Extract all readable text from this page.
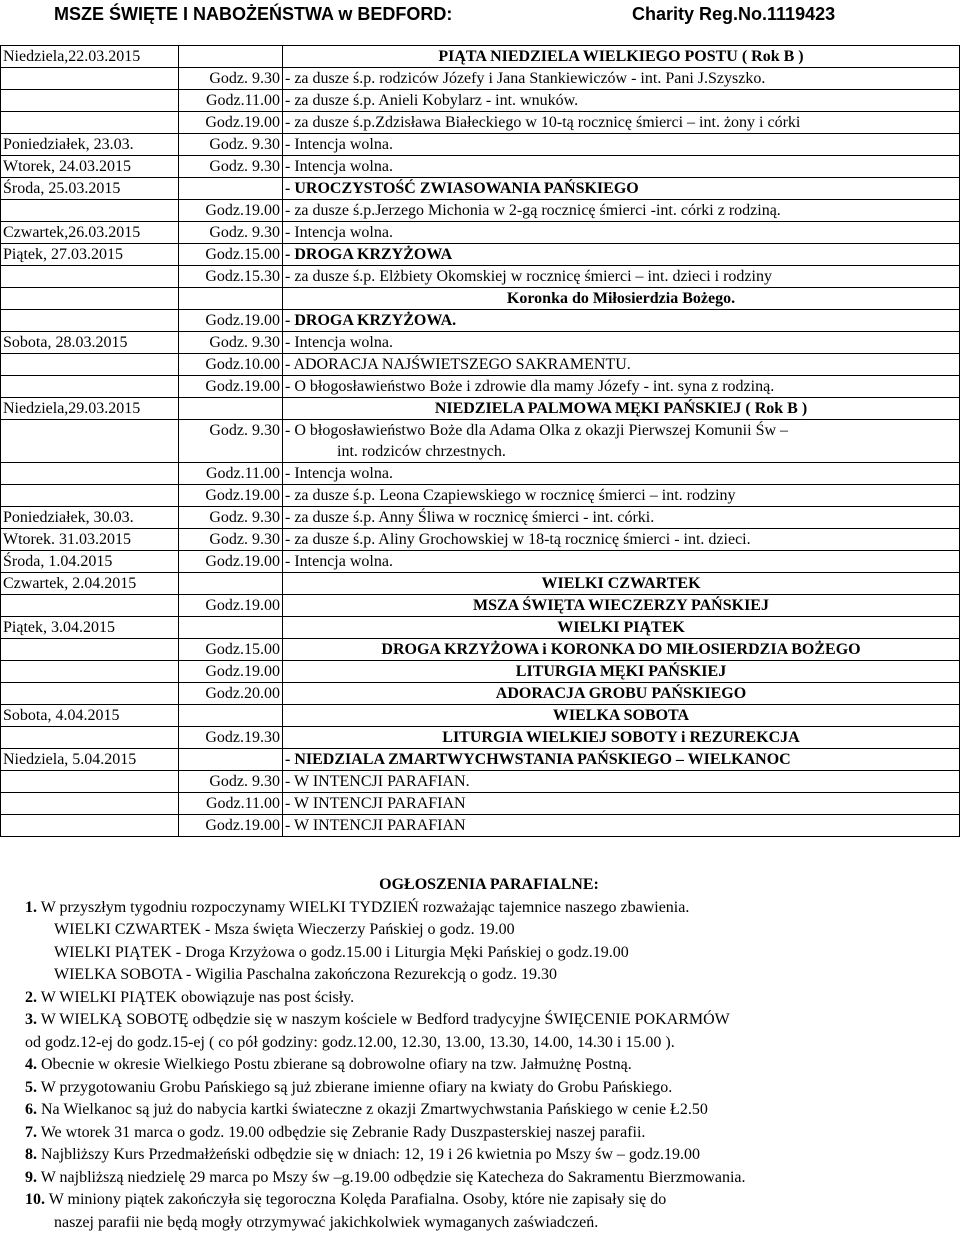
MSZE ŚWIĘTE I NABOŻEŃSTWA w BEDFORD:	Charity Reg.No.1119423
Niedziela,22.03.2015		PIĄTA NIEDZIELA WIELKIEGO POSTU ( Rok B )

	Godz. 9.30	- za dusze ś.p. rodziców Józefy i Jana Stankiewiczów - int. Pani J.Szyszko.
	Godz.11.00	- za dusze ś.p. Anieli Kobylarz - int. wnuków.
	Godz.19.00	- za dusze ś.p.Zdzisława Białeckiego w 10-tą rocznicę śmierci – int. żony i córki
Poniedziałek, 23.03.	Godz. 9.30	- Intencja wolna.
Wtorek, 24.03.2015	Godz. 9.30	- Intencja wolna.
Środa, 25.03.2015		- UROCZYSTOŚĆ ZWIASOWANIA PAŃSKIEGO
	Godz.19.00	- za dusze ś.p.Jerzego Michonia w 2-gą rocznicę śmierci -int. córki z rodziną.
Czwartek,26.03.2015	Godz. 9.30	- Intencja wolna.
Piątek, 27.03.2015	Godz.15.00	- DROGA KRZYŻOWA
	Godz.15.30	- za dusze ś.p. Elżbiety Okomskiej w rocznicę śmierci – int. dzieci i rodziny

		Koronka do Miłosierdzia Bożego.

	Godz.19.00	- DROGA KRZYŻOWA.
Sobota, 28.03.2015	Godz. 9.30	- Intencja wolna.
	Godz.10.00	- ADORACJA NAJŚWIETSZEGO SAKRAMENTU.
	Godz.19.00	- O błogosławieństwo Boże i zdrowie dla mamy Józefy - int. syna z rodziną.
Niedziela,29.03.2015		NIEDZIELA PALMOWA MĘKI PAŃSKIEJ ( Rok B )

	Godz. 9.30	- O błogosławieństwo Boże dla Adama Olka z okazji Pierwszej Komunii Św –
int. rodziców chrzestnych.

	Godz.11.00	- Intencja wolna.
	Godz.19.00	- za dusze ś.p. Leona Czapiewskiego w rocznicę śmierci – int. rodziny
Poniedziałek, 30.03.	Godz. 9.30	- za dusze ś.p. Anny Śliwa w rocznicę śmierci - int. córki.
Wtorek. 31.03.2015	Godz. 9.30	- za dusze ś.p. Aliny Grochowskiej w 18-tą rocznicę śmierci - int. dzieci.
Środa, 1.04.2015	Godz.19.00	- Intencja wolna.
Czwartek, 2.04.2015		WIELKI CZWARTEK

	Godz.19.00	MSZA ŚWIĘTA WIECZERZY PAŃSKIEJ

Piątek, 3.04.2015		WIELKI PIĄTEK

	Godz.15.00	DROGA KRZYŻOWA i KORONKA DO MIŁOSIERDZIA BOŻEGO

	Godz.19.00	LITURGIA MĘKI PAŃSKIEJ

	Godz.20.00	ADORACJA GROBU PAŃSKIEGO

Sobota, 4.04.2015		WIELKA SOBOTA

	Godz.19.30	LITURGIA WIELKIEJ SOBOTY i REZUREKCJA

Niedziela, 5.04.2015		- NIEDZIALA ZMARTWYCHWSTANIA PAŃSKIEGO – WIELKANOC
	Godz. 9.30	- W INTENCJI PARAFIAN.
	Godz.11.00	- W INTENCJI PARAFIAN
	Godz.19.00	- W INTENCJI PARAFIAN
OGŁOSZENIA PARAFIALNE:
1. W przyszłym tygodniu rozpoczynamy WIELKI TYDZIEŃ rozważając tajemnice naszego zbawienia.
WIELKI CZWARTEK - Msza święta Wieczerzy Pańskiej o godz. 19.00
WIELKI PIĄTEK - Droga Krzyżowa o godz.15.00 i Liturgia Męki Pańskiej o godz.19.00
WIELKA SOBOTA - Wigilia Paschalna zakończona Rezurekcją o godz. 19.30
2. W WIELKI PIĄTEK obowiązuje nas post ścisły.
3. W WIELKĄ SOBOTĘ odbędzie się w naszym kościele w Bedford tradycyjne ŚWIĘCENIE POKARMÓW
od godz.12-ej do godz.15-ej ( co pół godziny: godz.12.00, 12.30, 13.00, 13.30, 14.00, 14.30 i 15.00 ).
4. Obecnie w okresie Wielkiego Postu zbierane są dobrowolne ofiary na tzw. Jałmużnę Postną.
5. W przygotowaniu Grobu Pańskiego są już zbierane imienne ofiary na kwiaty do Grobu Pańskiego.
6. Na Wielkanoc są już do nabycia kartki świateczne z okazji Zmartwychwstania Pańskiego w cenie Ł2.50
7. We wtorek 31 marca o godz. 19.00 odbędzie się Zebranie Rady Duszpasterskiej naszej parafii.
8. Najbliższy Kurs Przedmałżeński odbędzie się w dniach: 12, 19 i 26 kwietnia po Mszy św – godz.19.00
9. W najbliższą niedzielę 29 marca po Mszy św –g.19.00 odbędzie się Katecheza do Sakramentu Bierzmowania.
10. W miniony piątek zakończyła się tegoroczna Kolęda Parafialna. Osoby, które nie zapisały się do
naszej parafii nie będą mogły otrzymywać jakichkolwiek wymaganych zaświadczeń.
